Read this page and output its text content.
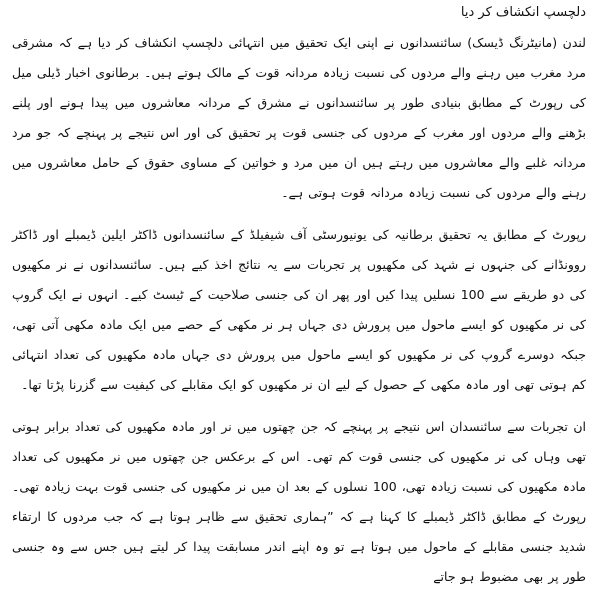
دلچسپ انکشاف کر دیا

لندن (مانیٹرنگ ڈیسک) سائنسدانوں نے اپنی ایک تحقیق میں انتہائی دلچسپ انکشاف کر دیا ہے کہ مشرقی مرد مغرب میں رہنے والے مردوں کی نسبت زیادہ مردانہ قوت کے مالک ہوتے ہیں۔ برطانوی اخبار ڈیلی میل کی رپورٹ کے مطابق بنیادی طور پر سائنسدانوں نے مشرق کے مردانہ معاشروں میں پیدا ہونے اور پلنے بڑھنے والے مردوں اور مغرب کے مردوں کی جنسی قوت پر تحقیق کی اور اس نتیجے پر پہنچے کہ جو مرد مردانہ غلبے والے معاشروں میں رہتے ہیں ان میں مرد و خواتین کے مساوی حقوق کے حامل معاشروں میں رہنے والے مردوں کی نسبت زیادہ مردانہ قوت ہوتی ہے۔

رپورٹ کے مطابق یہ تحقیق برطانیہ کی یونیورسٹی آف شیفیلڈ کے سائنسدانوں ڈاکٹر ایلین ڈیمبلے اور ڈاکٹر روونڈانے کی جنہوں نے شہد کی مکھیوں پر تجربات سے یہ نتائج اخذ کیے ہیں۔ سائنسدانوں نے نر مکھیوں کی دو طریقے سے 100 نسلیں پیدا کیں اور پھر ان کی جنسی صلاحیت کے ٹیسٹ کیے۔ انہوں نے ایک گروپ کی نر مکھیوں کو ایسے ماحول میں پرورش دی جہاں ہر نر مکھی کے حصے میں ایک مادہ مکھی آتی تھی، جبکہ دوسرے گروپ کی نر مکھیوں کو ایسے ماحول میں پرورش دی جہاں مادہ مکھیوں کی تعداد انتہائی کم ہوتی تھی اور مادہ مکھی کے حصول کے لیے ان نر مکھیوں کو ایک مقابلے کی کیفیت سے گزرنا پڑتا تھا۔

ان تجربات سے سائنسدان اس نتیجے پر پہنچے کہ جن چھتوں میں نر اور مادہ مکھیوں کی تعداد برابر ہوتی تھی وہاں کی نر مکھیوں کی جنسی قوت کم تھی۔ اس کے برعکس جن چھتوں میں نر مکھیوں کی تعداد مادہ مکھیوں کی نسبت زیادہ تھی، 100 نسلوں کے بعد ان میں نر مکھیوں کی جنسی قوت بہت زیادہ تھی۔ رپورٹ کے مطابق ڈاکٹر ڈیمبلے کا کہنا ہے کہ ”ہماری تحقیق سے ظاہر ہوتا ہے کہ جب مردوں کا ارتقاء شدید جنسی مقابلے کے ماحول میں ہوتا ہے تو وہ اپنے اندر مسابقت پیدا کر لیتے ہیں جس سے وہ جنسی طور پر بھی مضبوط ہو جاتے
